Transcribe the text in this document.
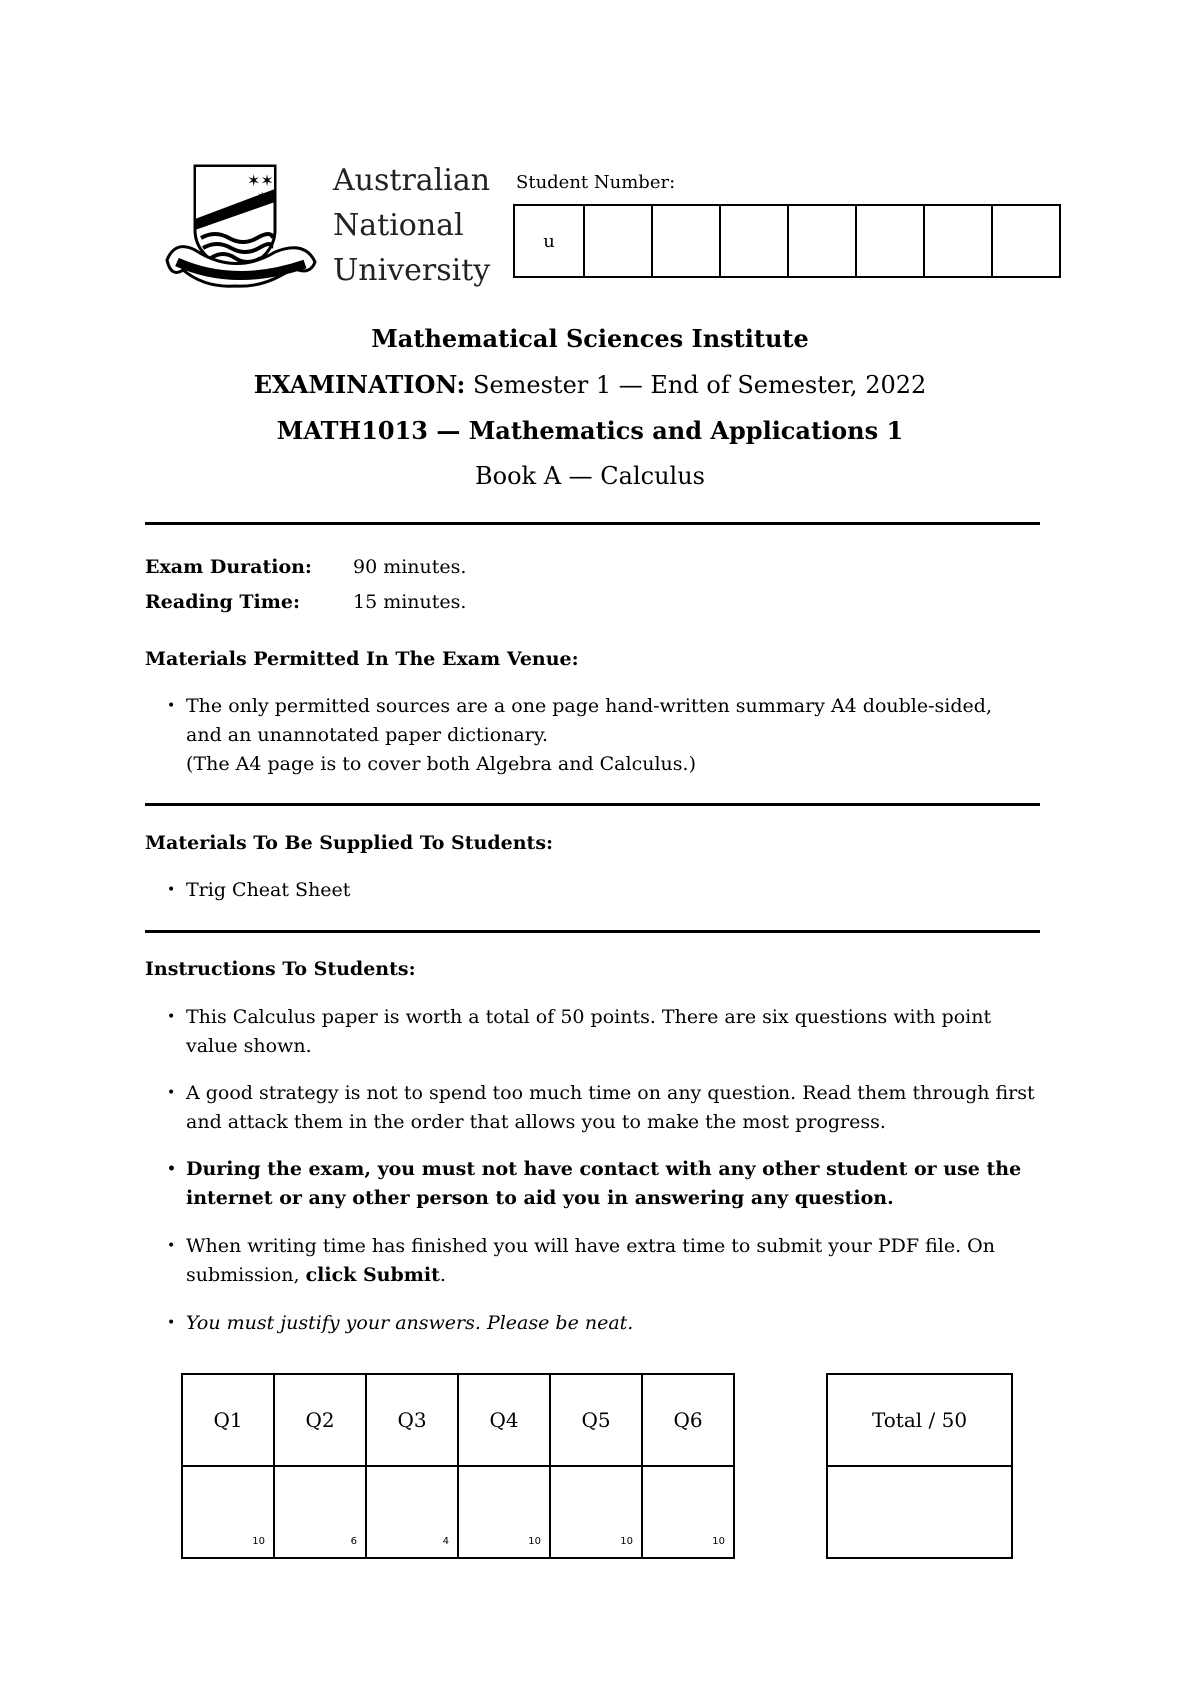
✶✶
✶ Australian
National
University
Student Number:
u
Mathematical Sciences Institute
EXAMINATION: Semester 1 — End of Semester, 2022
MATH1013 — Mathematics and Applications 1
Book A — Calculus
Exam Duration: 90 minutes.
Reading Time:	15 minutes.
Materials Permitted In The Exam Venue:
• The only permitted sources are a one page hand-written summary A4 double-sided,
and an unannotated paper dictionary.
(The A4 page is to cover both Algebra and Calculus.)
Materials To Be Supplied To Students:
• Trig Cheat Sheet
Instructions To Students:
• This Calculus paper is worth a total of 50 points. There are six questions with point value shown.
• A good strategy is not to spend too much time on any question. Read them through first and attack them in the order that allows you to make the most progress.
• During the exam, you must not have contact with any other student or use the internet or any other person to aid you in answering any question.
• When writing time has finished you will have extra time to submit your PDF file. On submission, click Submit.
• You must justify your answers. Please be neat.
Q1	Q2	Q3	Q4	Q5	Q6

10	6	4	10	10	10
Total / 50
